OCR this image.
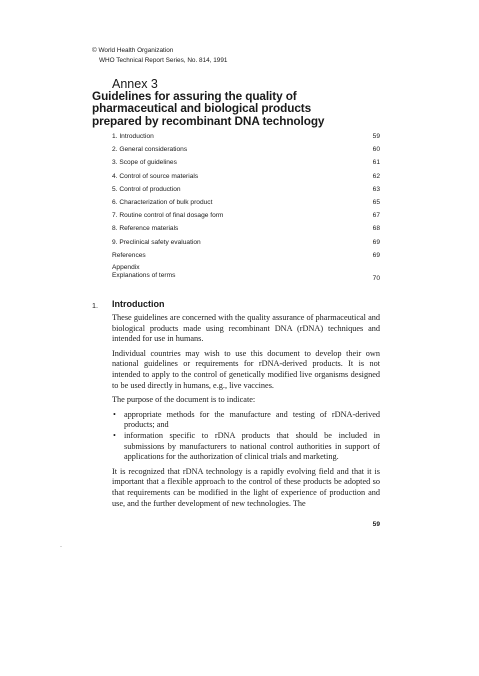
© World Health Organization
WHO Technical Report Series, No. 814, 1991
Annex 3
Guidelines for assuring the quality of
pharmaceutical and biological products
prepared by recombinant DNA technology
1. Introduction	59
2. General considerations	60
3. Scope of guidelines	61
4. Control of source materials	62
5. Control of production	63
6. Characterization of bulk product	65
7. Routine control of final dosage form	67
8. Reference materials	68
9. Preclinical safety evaluation	69
References	69
Appendix
Explanations of terms	70
1. Introduction

These guidelines are concerned with the quality assurance of pharmaceutical and biological products made using recombinant DNA (rDNA) techniques and intended for use in humans.

Individual countries may wish to use this document to develop their own national guidelines or requirements for rDNA-derived products. It is not intended to apply to the control of genetically modified live organisms designed to be used directly in humans, e.g., live vaccines.

The purpose of the document is to indicate:

• appropriate methods for the manufacture and testing of rDNA-derived products; and
• information specific to rDNA products that should be included in submissions by manufacturers to national control authorities in support of applications for the authorization of clinical trials and marketing.

It is recognized that rDNA technology is a rapidly evolving field and that it is important that a flexible approach to the control of these products be adopted so that requirements can be modified in the light of experience of production and use, and the further development of new technologies. The

59
